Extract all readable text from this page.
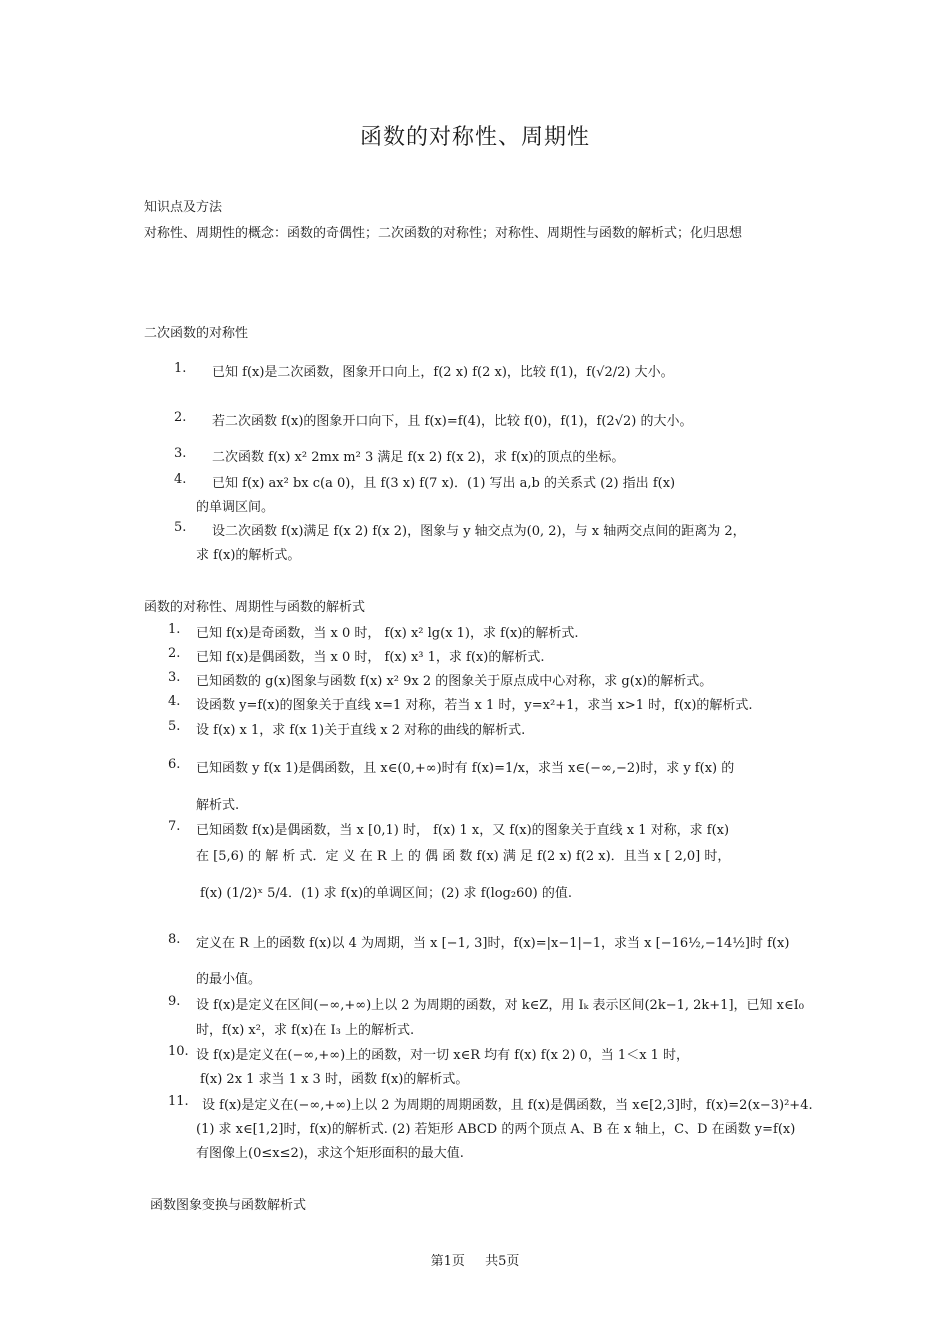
函数的对称性、周期性
知识点及方法
对称性、周期性的概念：函数的奇偶性；二次函数的对称性；对称性、周期性与函数的解析式；化归思想
二次函数的对称性
1. 已知 f(x)是二次函数，图象开口向上，f(2 x) f(2 x)，比较 f(1)，f(√2/2) 大小。
2. 若二次函数 f(x)的图象开口向下，且 f(x)=f(4)，比较 f(0)，f(1)，f(2√2) 的大小。
3. 二次函数 f(x) x² 2mx m² 3 满足 f(x 2) f(x 2)，求 f(x)的顶点的坐标。
4. 已知 f(x) ax² bx c(a 0)，且 f(3 x) f(7 x)．(1) 写出 a,b 的关系式 (2) 指出 f(x)
的单调区间。
5. 设二次函数 f(x)满足 f(x 2) f(x 2)，图象与 y 轴交点为(0, 2)，与 x 轴两交点间的距离为 2，
求 f(x)的解析式。
函数的对称性、周期性与函数的解析式
1. 已知 f(x)是奇函数，当 x 0 时， f(x) x² lg(x 1)，求 f(x)的解析式.
2. 已知 f(x)是偶函数，当 x 0 时， f(x) x³ 1，求 f(x)的解析式.
3. 已知函数的 g(x)图象与函数 f(x) x² 9x 2 的图象关于原点成中心对称，求 g(x)的解析式。
4. 设函数 y=f(x)的图象关于直线 x=1 对称，若当 x 1 时，y=x²+1，求当 x>1 时，f(x)的解析式.
5. 设 f(x) x 1，求 f(x 1)关于直线 x 2 对称的曲线的解析式.
6. 已知函数 y f(x 1)是偶函数，且 x∈(0,+∞)时有 f(x)=1/x，求当 x∈(−∞,−2)时，求 y f(x) 的
解析式.
7. 已知函数 f(x)是偶函数，当 x [0,1) 时， f(x) 1 x，又 f(x)的图象关于直线 x 1 对称，求 f(x)
在 [5,6) 的 解 析 式．定 义 在 R 上 的 偶 函 数 f(x) 满 足 f(2 x) f(2 x)．且当 x [ 2,0] 时，
f(x) (1/2)ˣ 5/4．(1) 求 f(x)的单调区间；(2) 求 f(log₂60) 的值.
8. 定义在 R 上的函数 f(x)以 4 为周期，当 x [−1, 3]时，f(x)=|x−1|−1，求当 x [−16½,−14½]时 f(x)
的最小值。
9. 设 f(x)是定义在区间(−∞,+∞)上以 2 为周期的函数，对 k∈Z，用 Iₖ 表示区间(2k−1, 2k+1]，已知 x∈I₀
时，f(x) x²，求 f(x)在 I₃ 上的解析式.
10. 设 f(x)是定义在(−∞,+∞)上的函数，对一切 x∈R 均有 f(x) f(x 2) 0，当 1＜x 1 时，
f(x) 2x 1 求当 1 x 3 时，函数 f(x)的解析式。
11. 设 f(x)是定义在(−∞,+∞)上以 2 为周期的周期函数，且 f(x)是偶函数，当 x∈[2,3]时，f(x)=2(x−3)²+4.
(1) 求 x∈[1,2]时，f(x)的解析式. (2) 若矩形 ABCD 的两个顶点 A、B 在 x 轴上，C、D 在函数 y=f(x)
有图像上(0≤x≤2)，求这个矩形面积的最大值.
函数图象变换与函数解析式
第1页 共5页
